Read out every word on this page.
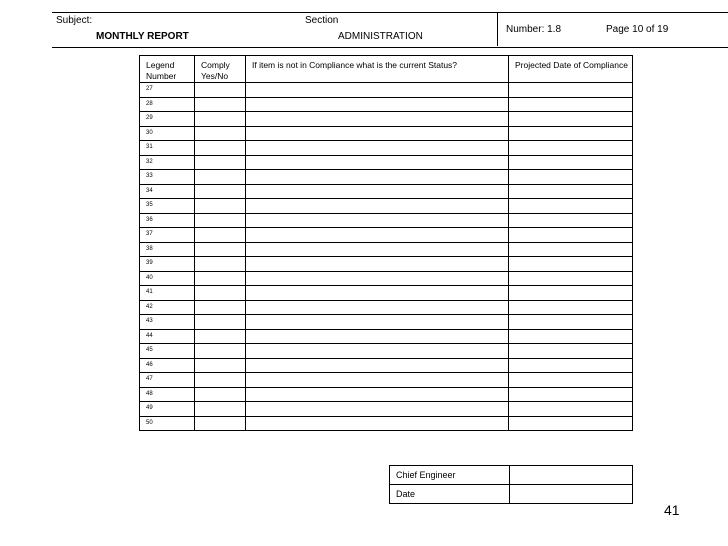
Subject:
MONTHLY REPORT
Section
ADMINISTRATION
Number: 1.8	Page 10 of 19
Legend Number	Comply Yes/No	If item is not in Compliance what is the current Status?	Projected Date of Compliance
27			
28			
29			
30			
31			
32			
33			
34			
35			
36			
37			
38			
39			
40			
41			
42			
43			
44			
45			
46			
47			
48			
49			
50			
Chief Engineer	
Date	
41
